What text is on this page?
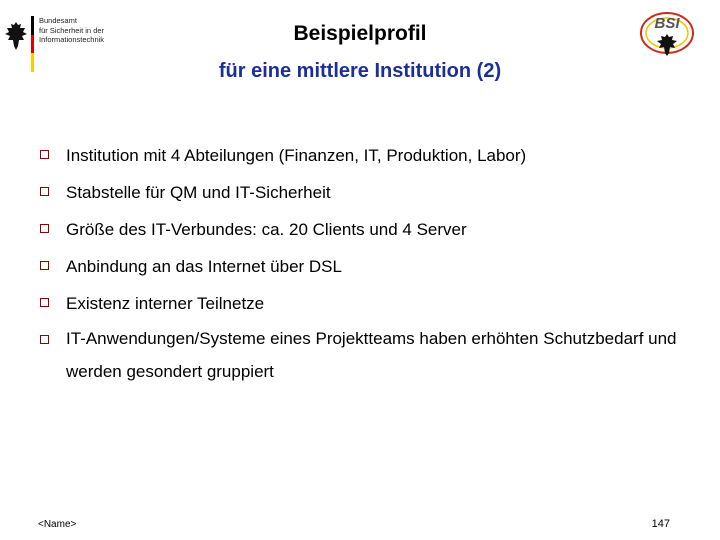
Bundesamt
für Sicherheit in der
Informationstechnik
BSI
Beispielprofil
für eine mittlere Institution (2)
Institution mit 4 Abteilungen (Finanzen, IT, Produktion, Labor)
Stabstelle für QM und IT-Sicherheit
Größe des IT-Verbundes: ca. 20 Clients und 4 Server
Anbindung an das Internet über DSL
Existenz interner Teilnetze
IT-Anwendungen/Systeme eines Projektteams haben erhöhten Schutzbedarf und werden gesondert gruppiert
<Name>	147
